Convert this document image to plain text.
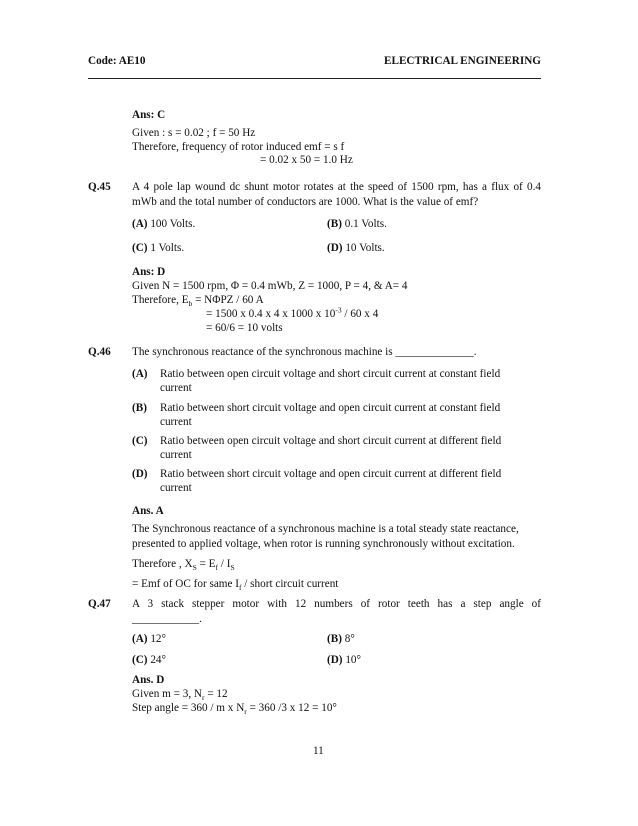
Code: AE10	ELECTRICAL ENGINEERING
Ans: C
Given : s = 0.02 ; f = 50 Hz
Therefore, frequency of rotor induced emf = s f
= 0.02 x 50 = 1.0 Hz
Q.45 A 4 pole lap wound dc shunt motor rotates at the speed of 1500 rpm, has a flux of 0.4
mWb and the total number of conductors are 1000. What is the value of emf?
(A) 100 Volts.	(B) 0.1 Volts.
(C) 1 Volts.	(D) 10 Volts.
Ans: D
Given N = 1500 rpm, Φ = 0.4 mWb, Z = 1000, P = 4, & A= 4
Therefore, $E_b = N\Phi PZ / 60$ A
= 1500 x 0.4 x 4 x 1000 x $10^{-3} / 60$ x 4
= 60/6 = 10 volts
Q.46 The synchronous reactance of the synchronous machine is ______________.
(A) Ratio between open circuit voltage and short circuit current at constant field
current
(B) Ratio between short circuit voltage and open circuit current at constant field
current
(C) Ratio between open circuit voltage and short circuit current at different field
current
(D) Ratio between short circuit voltage and open circuit current at different field
current
Ans. A
The Synchronous reactance of a synchronous machine is a total steady state reactance,
presented to applied voltage, when rotor is running synchronously without excitation.
Therefore , $X_S = E_f / I_S$
= Emf of OC for same $I_f$ / short circuit current
Q.47 A 3 stack stepper motor with 12 numbers of rotor teeth has a step angle of
____________.
(A) 12°	(B) 8°
(C) 24°	(D) 10°
Ans. D
Given m = 3, $N_r = 12$
Step angle = 360 / m x $N_r = 360$ /3 x 12 = 10°
11
